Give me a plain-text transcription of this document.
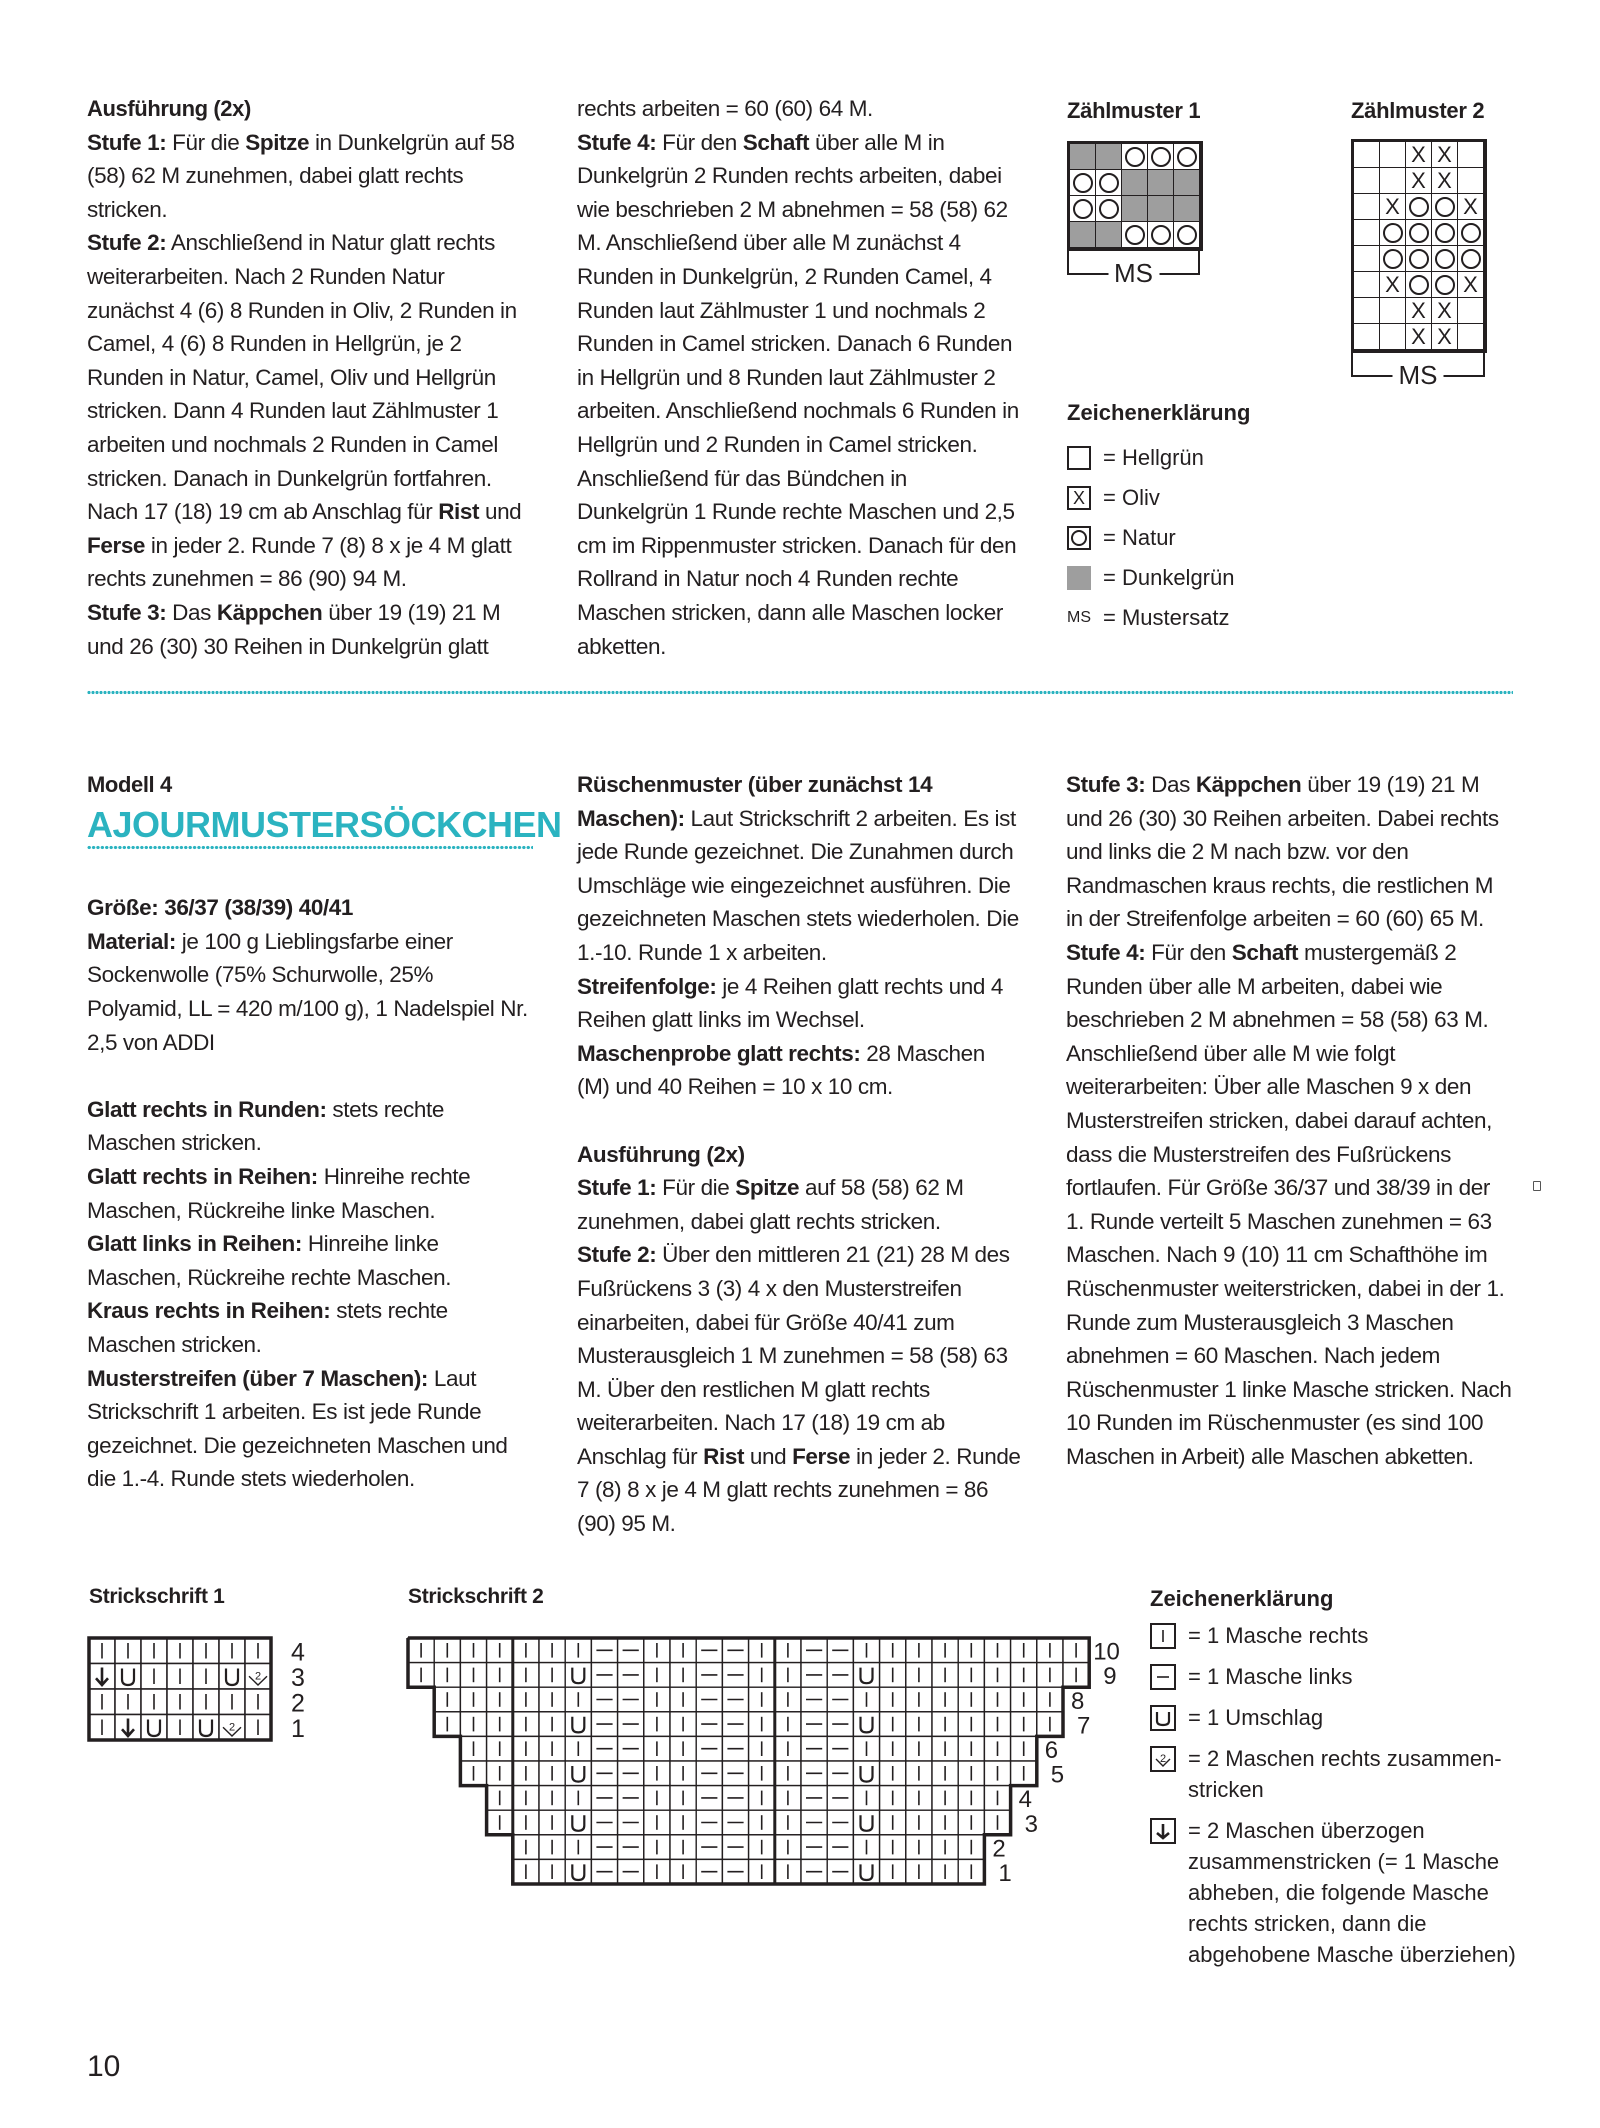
Ausführung (2x)

Stufe 1: Für die Spitze in Dunkelgrün auf 58 (58) 62 M zunehmen, dabei glatt rechts stricken.

Stufe 2: Anschließend in Natur glatt rechts weiterarbeiten. Nach 2 Runden Natur zunächst 4 (6) 8 Runden in Oliv, 2 Runden in Camel, 4 (6) 8 Runden in Hellgrün, je 2 Runden in Natur, Camel, Oliv und Hellgrün stricken. Dann 4 Runden laut Zählmuster 1 arbeiten und nochmals 2 Runden in Camel stricken. Danach in Dunkelgrün fortfahren. Nach 17 (18) 19 cm ab Anschlag für Rist und Ferse in jeder 2. Runde 7 (8) 8 x je 4 M glatt rechts zunehmen = 86 (90) 94 M.

Stufe 3: Das Käppchen über 19 (19) 21 M und 26 (30) 30 Reihen in Dunkelgrün glatt

rechts arbeiten = 60 (60) 64 M.

Stufe 4: Für den Schaft über alle M in Dunkelgrün 2 Runden rechts arbeiten, dabei wie beschrieben 2 M abnehmen = 58 (58) 62 M. Anschließend über alle M zunächst 4 Runden in Dunkelgrün, 2 Runden Camel, 4 Runden laut Zählmuster 1 und nochmals 2 Runden in Camel stricken. Danach 6 Runden in Hellgrün und 8 Runden laut Zählmuster 2 arbeiten. Anschließend nochmals 6 Runden in Hellgrün und 2 Runden in Camel stricken. Anschließend für das Bündchen in Dunkelgrün 1 Runde rechte Maschen und 2,5 cm im Rippenmuster stricken. Danach für den Rollrand in Natur noch 4 Runden rechte Maschen stricken, dann alle Maschen locker abketten.

Zählmuster 1
MS
Zählmuster 2
X X
X X
X	X
X	X
X X
X X
MS
Zeichenerklärung
= Hellgrün
X = Oliv
= Natur
= Dunkelgrün
MS = Mustersatz
Modell 4
AJOURMUSTERSÖCKCHEN

Größe: 36/37 (38/39) 40/41

Material: je 100 g Lieblingsfarbe einer Sockenwolle (75% Schurwolle, 25% Polyamid, LL = 420 m/100 g), 1 Nadelspiel Nr. 2,5 von ADDI

Glatt rechts in Runden: stets rechte Maschen stricken.

Glatt rechts in Reihen: Hinreihe rechte Maschen, Rückreihe linke Maschen.

Glatt links in Reihen: Hinreihe linke Maschen, Rückreihe rechte Maschen.

Kraus rechts in Reihen: stets rechte Maschen stricken.

Musterstreifen (über 7 Maschen): Laut Strickschrift 1 arbeiten. Es ist jede Runde gezeichnet. Die gezeichneten Maschen und die 1.-4. Runde stets wiederholen.

Rüschenmuster (über zunächst 14 Maschen): Laut Strickschrift 2 arbeiten. Es ist jede Runde gezeichnet. Die Zunahmen durch Umschläge wie eingezeichnet ausführen. Die gezeichneten Maschen stets wiederholen. Die 1.-10. Runde 1 x arbeiten.

Streifenfolge: je 4 Reihen glatt rechts und 4 Reihen glatt links im Wechsel.

Maschenprobe glatt rechts: 28 Maschen (M) und 40 Reihen = 10 x 10 cm.

Ausführung (2x)

Stufe 1: Für die Spitze auf 58 (58) 62 M zunehmen, dabei glatt rechts stricken.

Stufe 2: Über den mittleren 21 (21) 28 M des Fußrückens 3 (3) 4 x den Musterstreifen einarbeiten, dabei für Größe 40/41 zum Musterausgleich 1 M zunehmen = 58 (58) 63 M. Über den restlichen M glatt rechts weiterarbeiten. Nach 17 (18) 19 cm ab Anschlag für Rist und Ferse in jeder 2. Runde 7 (8) 8 x je 4 M glatt rechts zunehmen = 86 (90) 95 M.

Stufe 3: Das Käppchen über 19 (19) 21 M und 26 (30) 30 Reihen arbeiten. Dabei rechts und links die 2 M nach bzw. vor den Randmaschen kraus rechts, die restlichen M in der Streifenfolge arbeiten = 60 (60) 65 M.

Stufe 4: Für den Schaft mustergemäß 2 Runden über alle M arbeiten, dabei wie beschrieben 2 M abnehmen = 58 (58) 63 M. Anschließend über alle M wie folgt weiterarbeiten: Über alle Maschen 9 x den Musterstreifen stricken, dabei darauf achten, dass die Musterstreifen des Fußrückens fortlaufen. Für Größe 36/37 und 38/39 in der 1. Runde verteilt 5 Maschen zunehmen = 63 Maschen. Nach 9 (10) 11 cm Schafthöhe im Rüschenmuster weiterstricken, dabei in der 1. Runde zum Musterausgleich 3 Maschen abnehmen = 60 Maschen. Nach jedem Rüschenmuster 1 linke Masche stricken. Nach 10 Runden im Rüschenmuster (es sind 100 Maschen in Arbeit) alle Maschen abketten.

Strickschrift 1
2
2
4
3
2
1
Strickschrift 2
10
9
8
7
6
5
4
3
2
1
Zeichenerklärung
= 1 Masche rechts
= 1 Masche links
= 1 Umschlag
2 = 2 Maschen rechts zusammen-stricken
= 2 Maschen überzogen zusammenstricken (= 1 Masche abheben, die folgende Masche rechts stricken, dann die abgehobene Masche überziehen)
10
